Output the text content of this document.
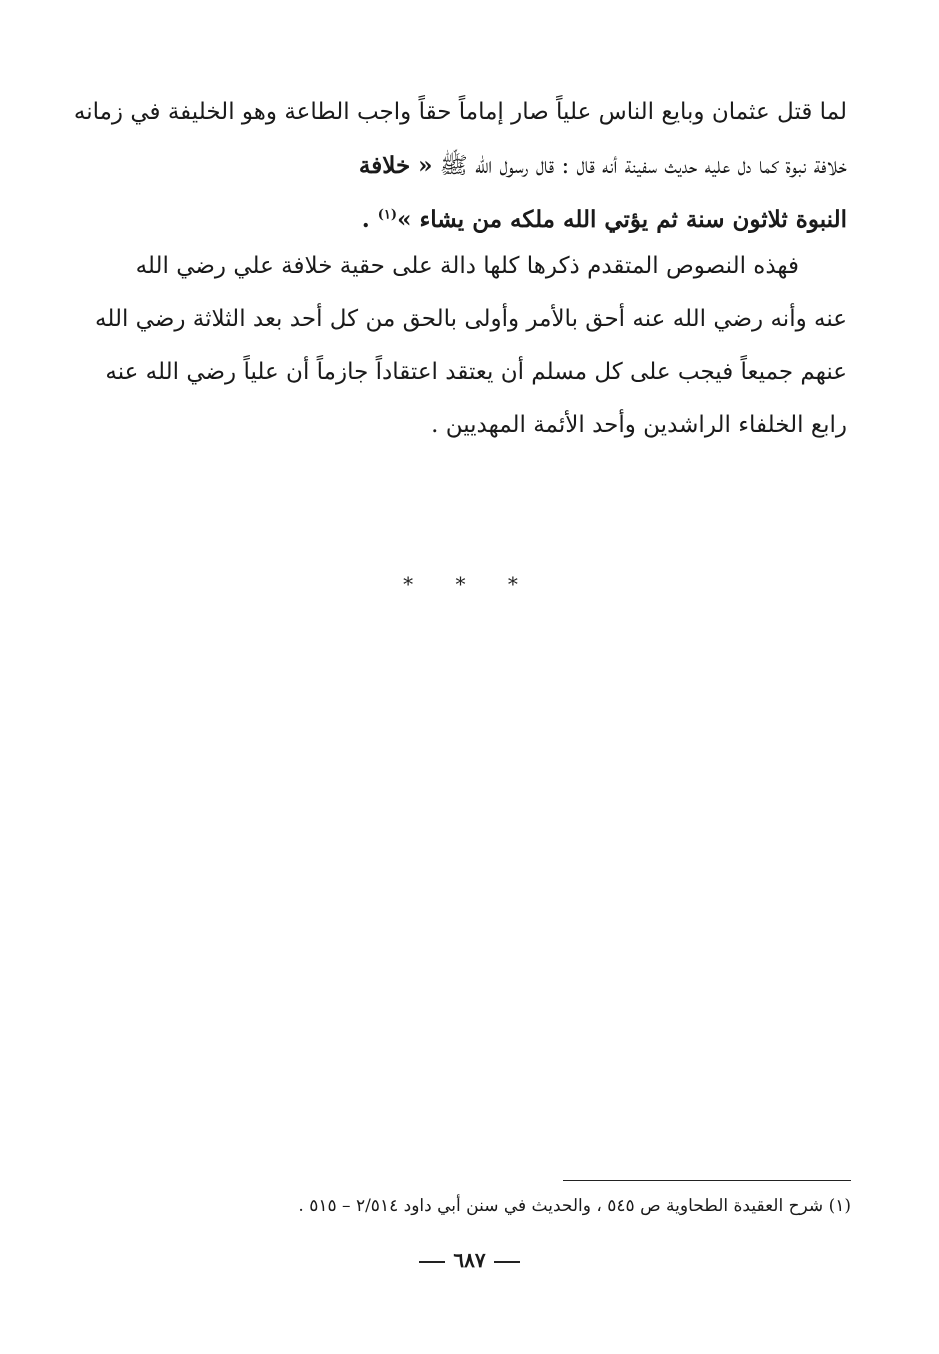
لما قتل عثمان وبايع الناس علياً صار إماماً حقاً واجب الطاعة وهو الخليفة في زمانه
خلافة نبوة كما دل عليه حديث سفينة أنه قال : قال رسول الله ﷺ « خلافة
النبوة ثلاثون سنة ثم يؤتي الله ملكه من يشاء »$^{(١)}$ .
فهذه النصوص المتقدم ذكرها كلها دالة على حقية خلافة علي رضي الله
عنه وأنه رضي الله عنه أحق بالأمر وأولى بالحق من كل أحد بعد الثلاثة رضي الله
عنهم جميعاً فيجب على كل مسلم أن يعتقد اعتقاداً جازماً أن علياً رضي الله عنه
رابع الخلفاء الراشدين وأحد الأئمة المهديين .
* * *
(١) شرح العقيدة الطحاوية ص ٥٤٥ ، والحديث في سنن أبي داود ٢/٥١٤ – ٥١٥ .
٦٨٧
